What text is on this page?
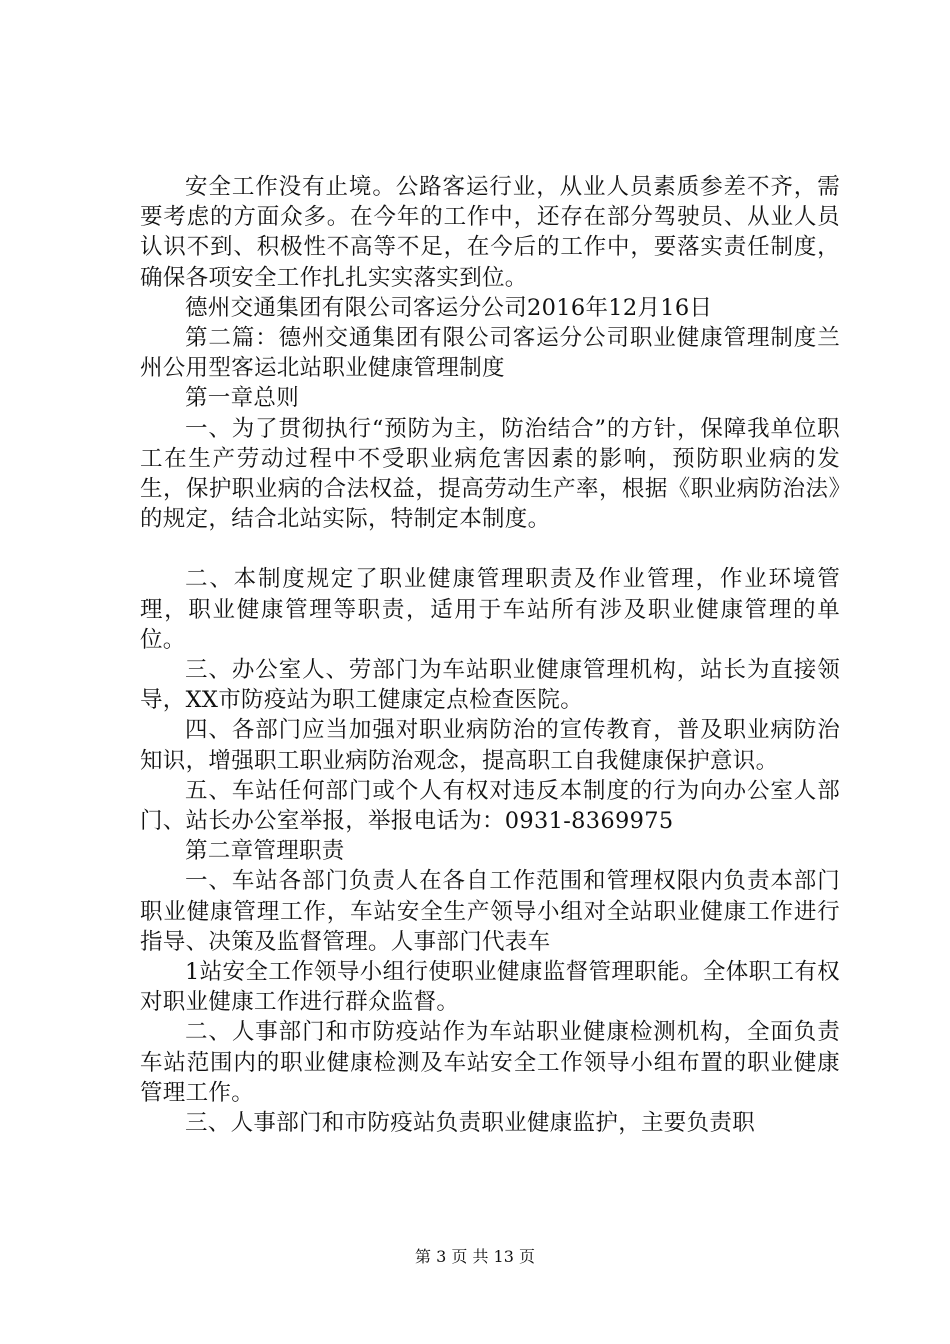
安全工作没有止境。公路客运行业，从业人员素质参差不齐，需要考虑的方面众多。在今年的工作中，还存在部分驾驶员、从业人员认识不到、积极性不高等不足，在今后的工作中，要落实责任制度，确保各项安全工作扎扎实实落实到位。

德州交通集团有限公司客运分公司2016年12月16日

第二篇：德州交通集团有限公司客运分公司职业健康管理制度兰州公用型客运北站职业健康管理制度

第一章总则

一、为了贯彻执行“预防为主，防治结合”的方针，保障我单位职工在生产劳动过程中不受职业病危害因素的影响，预防职业病的发生，保护职业病的合法权益，提高劳动生产率，根据《职业病防治法》的规定，结合北站实际，特制定本制度。

二、本制度规定了职业健康管理职责及作业管理，作业环境管理，职业健康管理等职责，适用于车站所有涉及职业健康管理的单位。

三、办公室人、劳部门为车站职业健康管理机构，站长为直接领导，XX市防疫站为职工健康定点检查医院。

四、各部门应当加强对职业病防治的宣传教育，普及职业病防治知识，增强职工职业病防治观念，提高职工自我健康保护意识。

五、车站任何部门或个人有权对违反本制度的行为向办公室人部门、站长办公室举报，举报电话为：0931-8369975

第二章管理职责

一、车站各部门负责人在各自工作范围和管理权限内负责本部门职业健康管理工作，车站安全生产领导小组对全站职业健康工作进行指导、决策及监督管理。人事部门代表车

1站安全工作领导小组行使职业健康监督管理职能。全体职工有权对职业健康工作进行群众监督。

二、人事部门和市防疫站作为车站职业健康检测机构，全面负责车站范围内的职业健康检测及车站安全工作领导小组布置的职业健康管理工作。

三、人事部门和市防疫站负责职业健康监护，主要负责职

第 3 页 共 13 页
